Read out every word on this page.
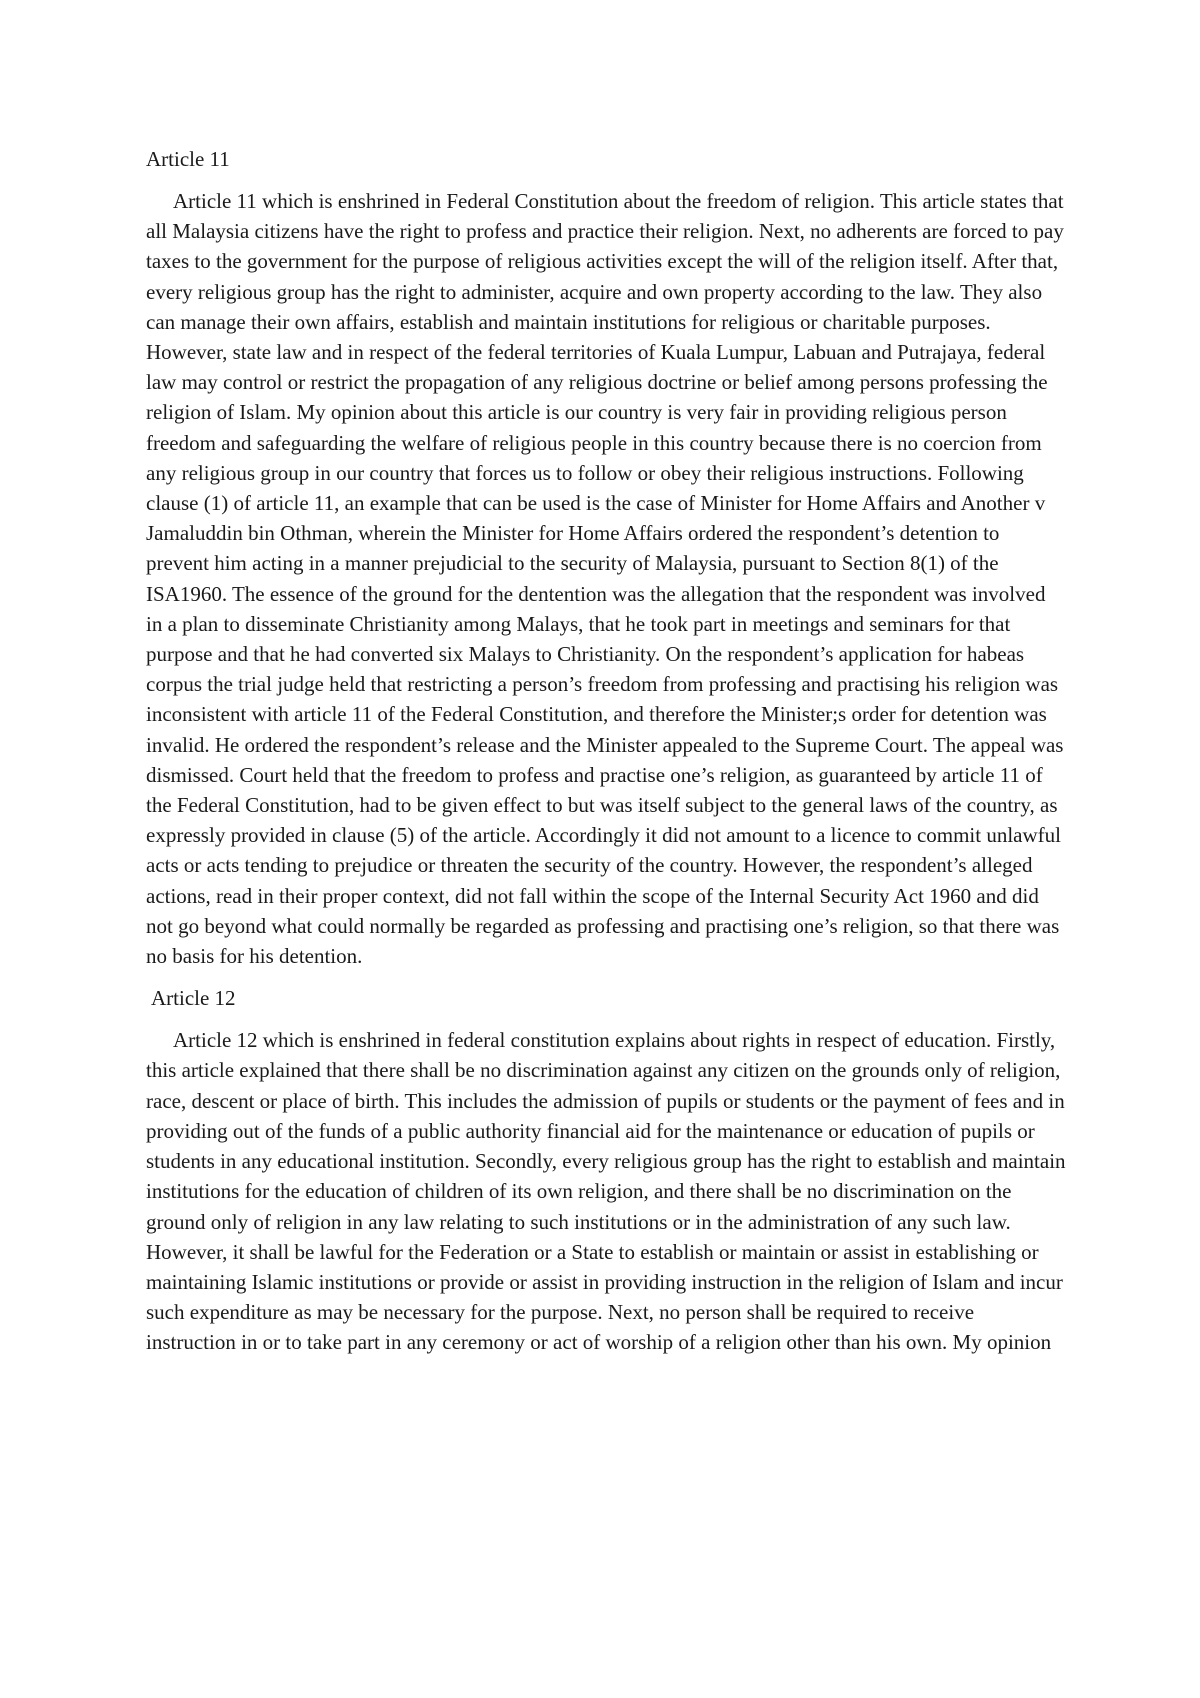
Article 11

Article 11 which is enshrined in Federal Constitution about the freedom of religion. This article states that all Malaysia citizens have the right to profess and practice their religion. Next, no adherents are forced to pay taxes to the government for the purpose of religious activities except the will of the religion itself. After that, every religious group has the right to administer, acquire and own property according to the law. They also can manage their own affairs, establish and maintain institutions for religious or charitable purposes. However, state law and in respect of the federal territories of Kuala Lumpur, Labuan and Putrajaya, federal law may control or restrict the propagation of any religious doctrine or belief among persons professing the religion of Islam. My opinion about this article is our country is very fair in providing religious person freedom and safeguarding the welfare of religious people in this country because there is no coercion from any religious group in our country that forces us to follow or obey their religious instructions. Following clause (1) of article 11, an example that can be used is the case of Minister for Home Affairs and Another v Jamaluddin bin Othman, wherein the Minister for Home Affairs ordered the respondent’s detention to prevent him acting in a manner prejudicial to the security of Malaysia, pursuant to Section 8(1) of the ISA1960. The essence of the ground for the dentention was the allegation that the respondent was involved in a plan to disseminate Christianity among Malays, that he took part in meetings and seminars for that purpose and that he had converted six Malays to Christianity. On the respondent’s application for habeas corpus the trial judge held that restricting a person’s freedom from professing and practising his religion was inconsistent with article 11 of the Federal Constitution, and therefore the Minister;s order for detention was invalid. He ordered the respondent’s release and the Minister appealed to the Supreme Court. The appeal was dismissed. Court held that the freedom to profess and practise one’s religion, as guaranteed by article 11 of the Federal Constitution, had to be given effect to but was itself subject to the general laws of the country, as expressly provided in clause (5) of the article. Accordingly it did not amount to a licence to commit unlawful acts or acts tending to prejudice or threaten the security of the country. However, the respondent’s alleged actions, read in their proper context, did not fall within the scope of the Internal Security Act 1960 and did not go beyond what could normally be regarded as professing and practising one’s religion, so that there was no basis for his detention.

Article 12

Article 12 which is enshrined in federal constitution explains about rights in respect of education. Firstly, this article explained that there shall be no discrimination against any citizen on the grounds only of religion, race, descent or place of birth. This includes the admission of pupils or students or the payment of fees and in providing out of the funds of a public authority financial aid for the maintenance or education of pupils or students in any educational institution. Secondly, every religious group has the right to establish and maintain institutions for the education of children of its own religion, and there shall be no discrimination on the ground only of religion in any law relating to such institutions or in the administration of any such law. However, it shall be lawful for the Federation or a State to establish or maintain or assist in establishing or maintaining Islamic institutions or provide or assist in providing instruction in the religion of Islam and incur such expenditure as may be necessary for the purpose. Next, no person shall be required to receive instruction in or to take part in any ceremony or act of worship of a religion other than his own. My opinion
